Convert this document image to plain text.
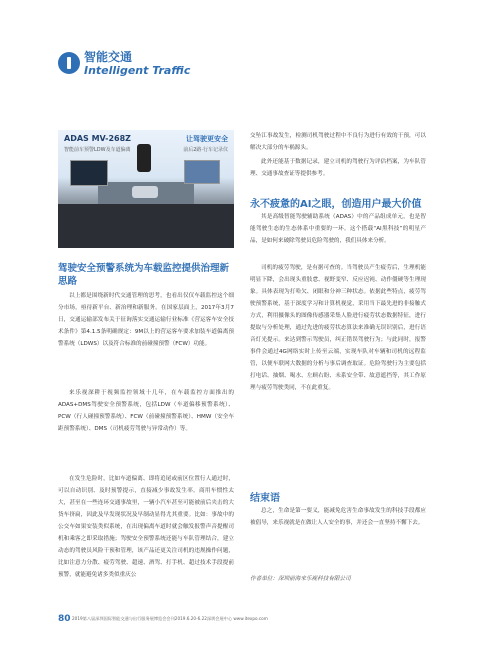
智能交通
Intelligent Traffic
ADAS MV-268Z	让驾驶更安全
智能前车预警LDW及车道偏离	前后2路·行车记录仪
驾驶安全预警系统为车载监控提供治理新思路

以上都是围绕新时代交通管理的思考，也看出仅仅车载监控这个细分市场，亟待新平台、新治理和新服务。在国家层面上，2017年3月7日，交通运输部发布关于征询落实交通运输行业标准《营运客车安全技术条件》第4.1.5条明确规定：9M以上的营运客车要求加装车道偏离预警系统（LDWS）以及符合标准的前碰撞预警（FCW）功能。

来乐视深耕于视频监控领域十几年，在车载监控方面推出的ADAS+DMS驾驶安全预警系统，包括LDW（车道偏移预警系统）、PCW（行人碰撞预警系统）、FCW（前碰撞预警系统）、HMW（安全车距预警系统）、DMS（司机疲劳驾驶与异常动作）等。

在发生危险时，比如车道偏离、即将追尾或前区位置行人通过时，可以自动识别、及时预警提示，直接减少事故发生率。商用车惯性太大，甚至在一些连环交通事故里，一辆小汽车甚至可能被前后夹击的大货车挤扁，因此及早发现状况及早制动显得尤其重要。比如：事故中的公交车如果安装类似系统，在出现偏离车道时就会触发报警声音提醒司机和乘客之即采取措施；驾驶安全预警系统还能与车队管理结合，建立动态的驾驶员风险干预和管理，该产品还更关注司机的违规操作问题，比如注意力分散、疲劳驾驶、超速、酒驾、打手机、超过技术手段提前预警，就能避免诸多类似重庆公

交坠江事故发生，检测司机驾驶过程中不良行为进行有效的干预，可以解决大部分的车祸源头。

此外还能基于数据记录，建立司机的驾驶行为评估档案，为车队管理、交通事故查证等提供参考。

永不疲惫的AI之眼，创造用户最大价值

其是高级智能驾驶辅助系统（ADAS）中的产品组成单元，也是智能驾驶生态的生态体系中重要的一环。这个搭载“AI黑科技”的明星产品，是如何来破除驾驶员危险驾驶的，我们具体来分析。

司机的疲劳驾驶，是有据可查的。当驾驶员产生疲劳后，生理机能明显下降，会出现头重肢怠、视野变窄、反应迟钝、动作僵硬等生理现象。具体表现为打哈欠、闭眼和分神三种状态。依据此些特点，疲劳驾驶预警系统，基于深度学习和计算机视觉，采用当下最先进的非接触式方式，利用摄像头的图像传感器采集人脸进行疲劳状态数据特征，进行提取与分析处理，通过先进的疲劳状态算法来准确无误识别后，进行语音灯光提示。来达到警示驾驶员，纠正错误驾驶行为；与此同时，报警事件会通过4G网络实时上传至云端，实现车队对车辆和司机的远程监管，以便车联网大数据的分析与事后调查取证。危险驾驶行为主要包括打电话、抽烟、喝水、左顾右盼、未系安全带、故意遮挡等，其工作原理与疲劳驾驶类同，不在此重复。

结束语

总之，生命是第一要义，能减免危害生命事故发生的科技手段都应被倡导，来乐视就是在做让人人安全的事，并还会一直坚持不懈下去。

作者单位：深圳前海来乐视科技有限公司
80 2019第八届深圳国际智能交通与出行服务展博览会会刊2019.6.20-6.22深圳会展中心 www.itexpo.com
